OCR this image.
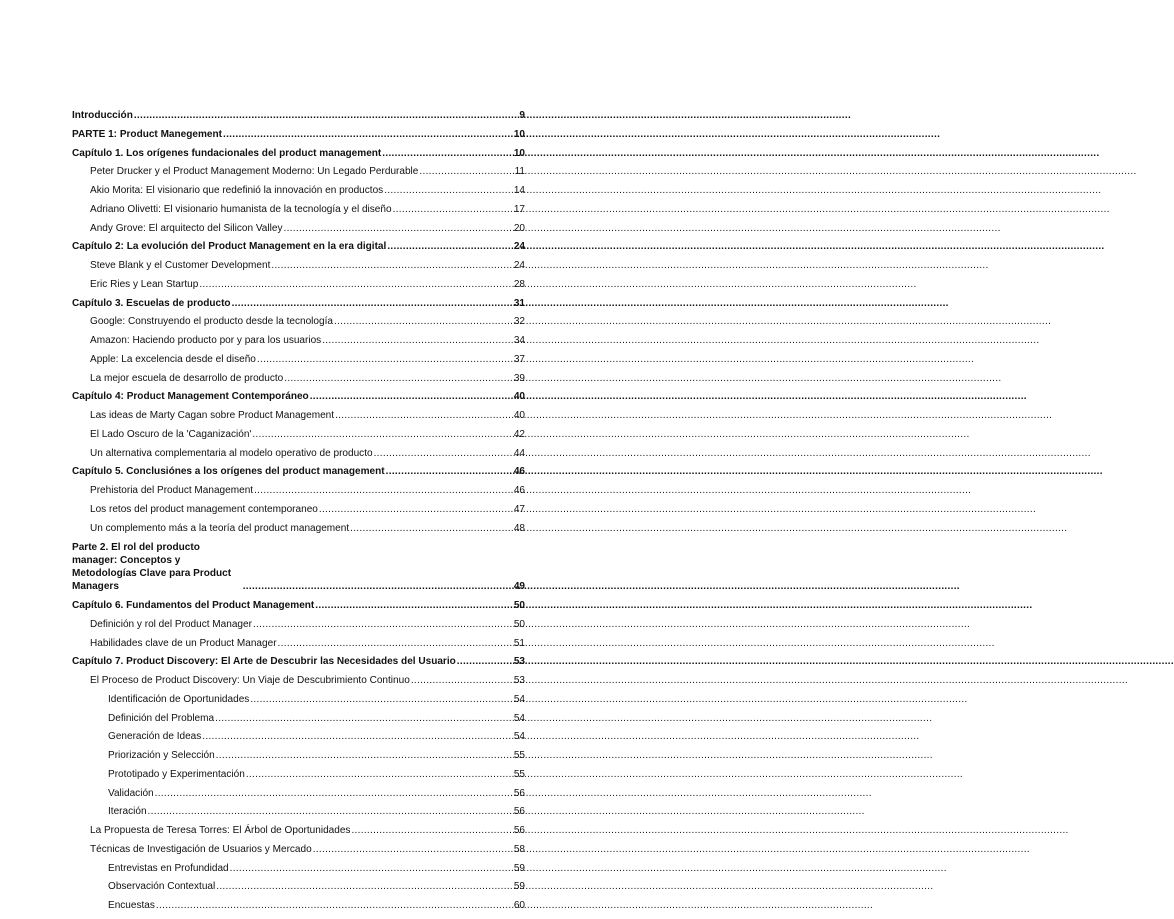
Introducción .....	9
PARTE 1: Product Manegement .....	10
Capítulo 1. Los orígenes fundacionales del product management .....	10
Peter Drucker y el Product Management Moderno: Un Legado Perdurable .....	11
Akio Morita: El visionario que redefinió la innovación en productos .....	14
Adriano Olivetti: El visionario humanista de la tecnología y el diseño .....	17
Andy Grove: El arquitecto del Silicon Valley .....	20
Capítulo 2: La evolución del Product Management en la era digital .....	24
Steve Blank y el Customer Development .....	24
Eric Ries y Lean Startup .....	28
Capítulo 3. Escuelas de producto .....	31
Google: Construyendo el producto desde la tecnología .....	32
Amazon: Haciendo producto por y para los usuarios .....	34
Apple: La excelencia desde el diseño .....	37
La mejor escuela de desarrollo de producto .....	39
Capítulo 4: Product Management Contemporáneo .....	40
Las ideas de Marty Cagan sobre Product Management .....	40
El Lado Oscuro de la 'Caganización' .....	42
Un alternativa complementaria al modelo operativo de producto .....	44
Capítulo 5. Conclusiónes a los orígenes del product management .....	46
Prehistoria del Product Management .....	46
Los retos del product management contemporaneo .....	47
Un complemento más a la teoría del product management .....	48
Parte 2. El rol del producto manager: Conceptos y Metodologías Clave para Product Managers .....	49
Capítulo 6. Fundamentos del Product Management .....	50
Definición y rol del Product Manager .....	50
Habilidades clave de un Product Manager .....	51
Capítulo 7. Product Discovery: El Arte de Descubrir las Necesidades del Usuario .....	53
El Proceso de Product Discovery: Un Viaje de Descubrimiento Continuo .....	53
Identificación de Oportunidades .....	54
Definición del Problema .....	54
Generación de Ideas .....	54
Priorización y Selección .....	55
Prototipado y Experimentación .....	55
Validación .....	56
Iteración .....	56
La Propuesta de Teresa Torres: El Árbol de Oportunidades .....	56
Técnicas de Investigación de Usuarios y Mercado .....	58
Entrevistas en Profundidad .....	59
Observación Contextual .....	59
Encuestas .....	60
